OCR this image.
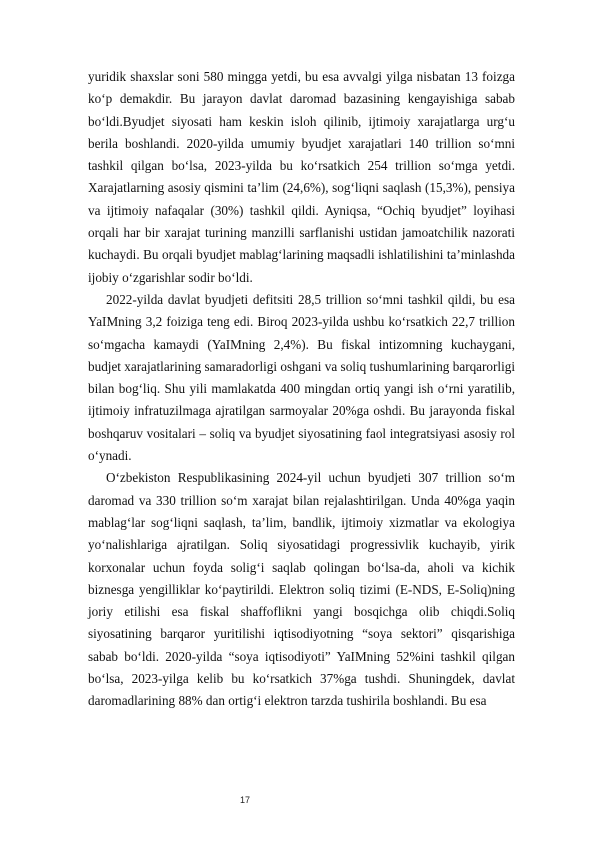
yuridik shaxslar soni 580 mingga yetdi, bu esa avvalgi yilga nisbatan 13 foizga ko‘p demakdir. Bu jarayon davlat daromad bazasining kengayishiga sabab bo‘ldi.Byudjet siyosati ham keskin isloh qilinib, ijtimoiy xarajatlarga urg‘u berila boshlandi. 2020-yilda umumiy byudjet xarajatlari 140 trillion so‘mni tashkil qilgan bo‘lsa, 2023-yilda bu ko‘rsatkich 254 trillion so‘mga yetdi. Xarajatlarning asosiy qismini ta’lim (24,6%), sog‘liqni saqlash (15,3%), pensiya va ijtimoiy nafaqalar (30%) tashkil qildi. Ayniqsa, “Ochiq byudjet” loyihasi orqali har bir xarajat turining manzilli sarflanishi ustidan jamoatchilik nazorati kuchaydi. Bu orqali byudjet mablag‘larining maqsadli ishlatilishini ta’minlashda ijobiy o‘zgarishlar sodir bo‘ldi.

2022-yilda davlat byudjeti defitsiti 28,5 trillion so‘mni tashkil qildi, bu esa YaIMning 3,2 foiziga teng edi. Biroq 2023-yilda ushbu ko‘rsatkich 22,7 trillion so‘mgacha kamaydi (YaIMning 2,4%). Bu fiskal intizomning kuchaygani, budjet xarajatlarining samaradorligi oshgani va soliq tushumlarining barqarorligi bilan bog‘liq. Shu yili mamlakatda 400 mingdan ortiq yangi ish o‘rni yaratilib, ijtimoiy infratuzilmaga ajratilgan sarmoyalar 20%ga oshdi. Bu jarayonda fiskal boshqaruv vositalari – soliq va byudjet siyosatining faol integratsiyasi asosiy rol o‘ynadi.

O‘zbekiston Respublikasining 2024-yil uchun byudjeti 307 trillion so‘m daromad va 330 trillion so‘m xarajat bilan rejalashtirilgan. Unda 40%ga yaqin mablag‘lar sog‘liqni saqlash, ta’lim, bandlik, ijtimoiy xizmatlar va ekologiya yo‘nalishlariga ajratilgan. Soliq siyosatidagi progressivlik kuchayib, yirik korxonalar uchun foyda solig‘i saqlab qolingan bo‘lsa-da, aholi va kichik biznesga yengilliklar ko‘paytirildi. Elektron soliq tizimi (E-NDS, E-Soliq)ning joriy etilishi esa fiskal shaffoflikni yangi bosqichga olib chiqdi.Soliq siyosatining barqaror yuritilishi iqtisodiyotning “soya sektori” qisqarishiga sabab bo‘ldi. 2020-yilda “soya iqtisodiyoti” YaIMning 52%ini tashkil qilgan bo‘lsa, 2023-yilga kelib bu ko‘rsatkich 37%ga tushdi. Shuningdek, davlat daromadlarining 88% dan ortig‘i elektron tarzda tushirila boshlandi. Bu esa

17
